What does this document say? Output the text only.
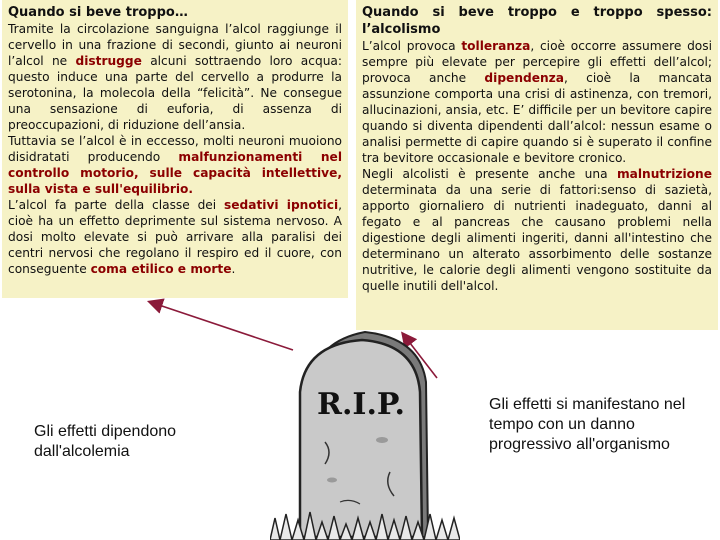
Quando si beve troppo…

Tramite la circolazione sanguigna l’alcol raggiunge il cervello in una frazione di secondi, giunto ai neuroni l’alcol ne distrugge alcuni sottraendo loro acqua: questo induce una parte del cervello a produrre la serotonina, la molecola della “felicità”. Ne consegue una sensazione di euforia, di assenza di preoccupazioni, di riduzione dell’ansia.

Tuttavia se l’alcol è in eccesso, molti neuroni muoiono disidratati producendo malfunzionamenti nel controllo motorio, sulle capacità intellettive, sulla vista e sull'equilibrio.

L’alcol fa parte della classe dei sedativi ipnotici, cioè ha un effetto deprimente sul sistema nervoso. A dosi molto elevate si può arrivare alla paralisi dei centri nervosi che regolano il respiro ed il cuore, con conseguente coma etilico e morte.

Quando si beve troppo e troppo spesso: l’alcolismo

L’alcol provoca tolleranza, cioè occorre assumere dosi sempre più elevate per percepire gli effetti dell’alcol; provoca anche dipendenza, cioè la mancata assunzione comporta una crisi di astinenza, con tremori, allucinazioni, ansia, etc. E’ difficile per un bevitore capire quando si diventa dipendenti dall’alcol: nessun esame o analisi permette di capire quando si è superato il confine tra bevitore occasionale e bevitore cronico.

Negli alcolisti è presente anche una malnutrizione determinata da una serie di fattori:senso di sazietà, apporto giornaliero di nutrienti inadeguato, danni al fegato e al pancreas che causano problemi nella digestione degli alimenti ingeriti, danni all'intestino che determinano un alterato assorbimento delle sostanze nutritive, le calorie degli alimenti vengono sostituite da quelle inutili dell'alcol.

R.I.P.
Gli effetti dipendono dall'alcolemia
Gli effetti si manifestano nel tempo con un danno progressivo all'organismo
